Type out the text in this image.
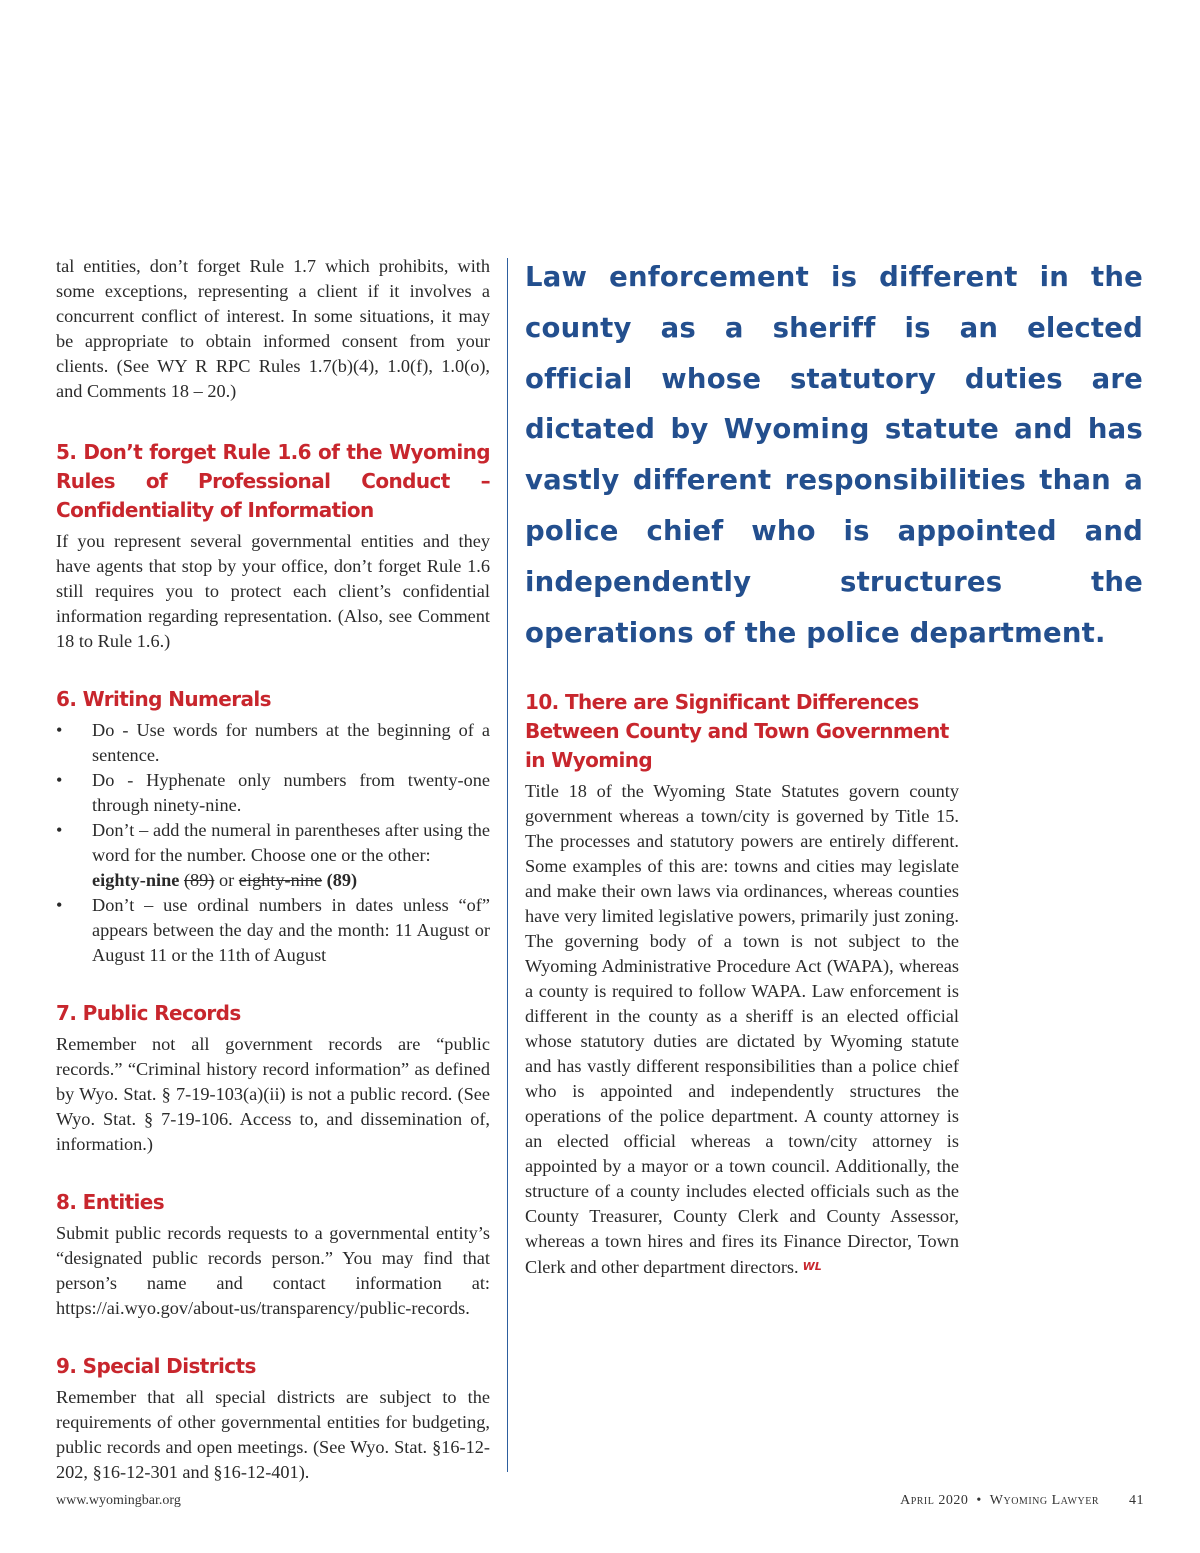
tal entities, don’t forget Rule 1.7 which prohibits, with some exceptions, representing a client if it involves a concurrent conflict of interest. In some situations, it may be appropriate to obtain informed consent from your clients. (See WY R RPC Rules 1.7(b)(4), 1.0(f), 1.0(o), and Comments 18 – 20.)

5. Don’t forget Rule 1.6 of the Wyoming Rules of Professional Conduct – Confidentiality of Information

If you represent several governmental entities and they have agents that stop by your office, don’t forget Rule 1.6 still requires you to protect each client’s confidential information regarding representation. (Also, see Comment 18 to Rule 1.6.)

6. Writing Numerals
• Do - Use words for numbers at the beginning of a sentence.
• Do - Hyphenate only numbers from twenty-one through ninety-nine.
• Don’t – add the numeral in parentheses after using the word for the number. Choose one or the other:
eighty-nine (89) or eighty-nine (89)
• Don’t – use ordinal numbers in dates unless “of” appears between the day and the month: 11 August or August 11 or the 11th of August
7. Public Records

Remember not all government records are “public records.” “Criminal history record information” as defined by Wyo. Stat. § 7-19-103(a)(ii) is not a public record. (See Wyo. Stat. § 7-19-106. Access to, and dissemination of, information.)

8. Entities

Submit public records requests to a governmental entity’s “designated public records person.” You may find that person’s name and contact information at: https://ai.wyo.gov/about-us/transparency/public-records.

9. Special Districts

Remember that all special districts are subject to the requirements of other governmental entities for budgeting, public records and open meetings. (See Wyo. Stat. §16-12-202, §16-12-301 and §16-12-401).

Law enforcement is different in the county as a sheriff is an elected official whose statutory duties are dictated by Wyoming statute and has vastly different responsibilities than a police chief who is appointed and independently structures the operations of the police department.

10. There are Significant Differences
Between County and Town Government
in Wyoming

Title 18 of the Wyoming State Statutes govern county government whereas a town/city is governed by Title 15. The processes and statutory powers are entirely different. Some examples of this are: towns and cities may legislate and make their own laws via ordinances, whereas counties have very limited legislative powers, primarily just zoning. The governing body of a town is not subject to the Wyoming Administrative Procedure Act (WAPA), whereas a county is required to follow WAPA. Law enforcement is different in the county as a sheriff is an elected official whose statutory duties are dictated by Wyoming statute and has vastly different responsibilities than a police chief who is appointed and independently structures the operations of the police department. A county attorney is an elected official whereas a town/city attorney is appointed by a mayor or a town council. Additionally, the structure of a county includes elected officials such as the County Treasurer, County Clerk and County Assessor, whereas a town hires and fires its Finance Director, Town Clerk and other department directors. WL

www.wyomingbar.org	April 2020 • Wyoming Lawyer 41
